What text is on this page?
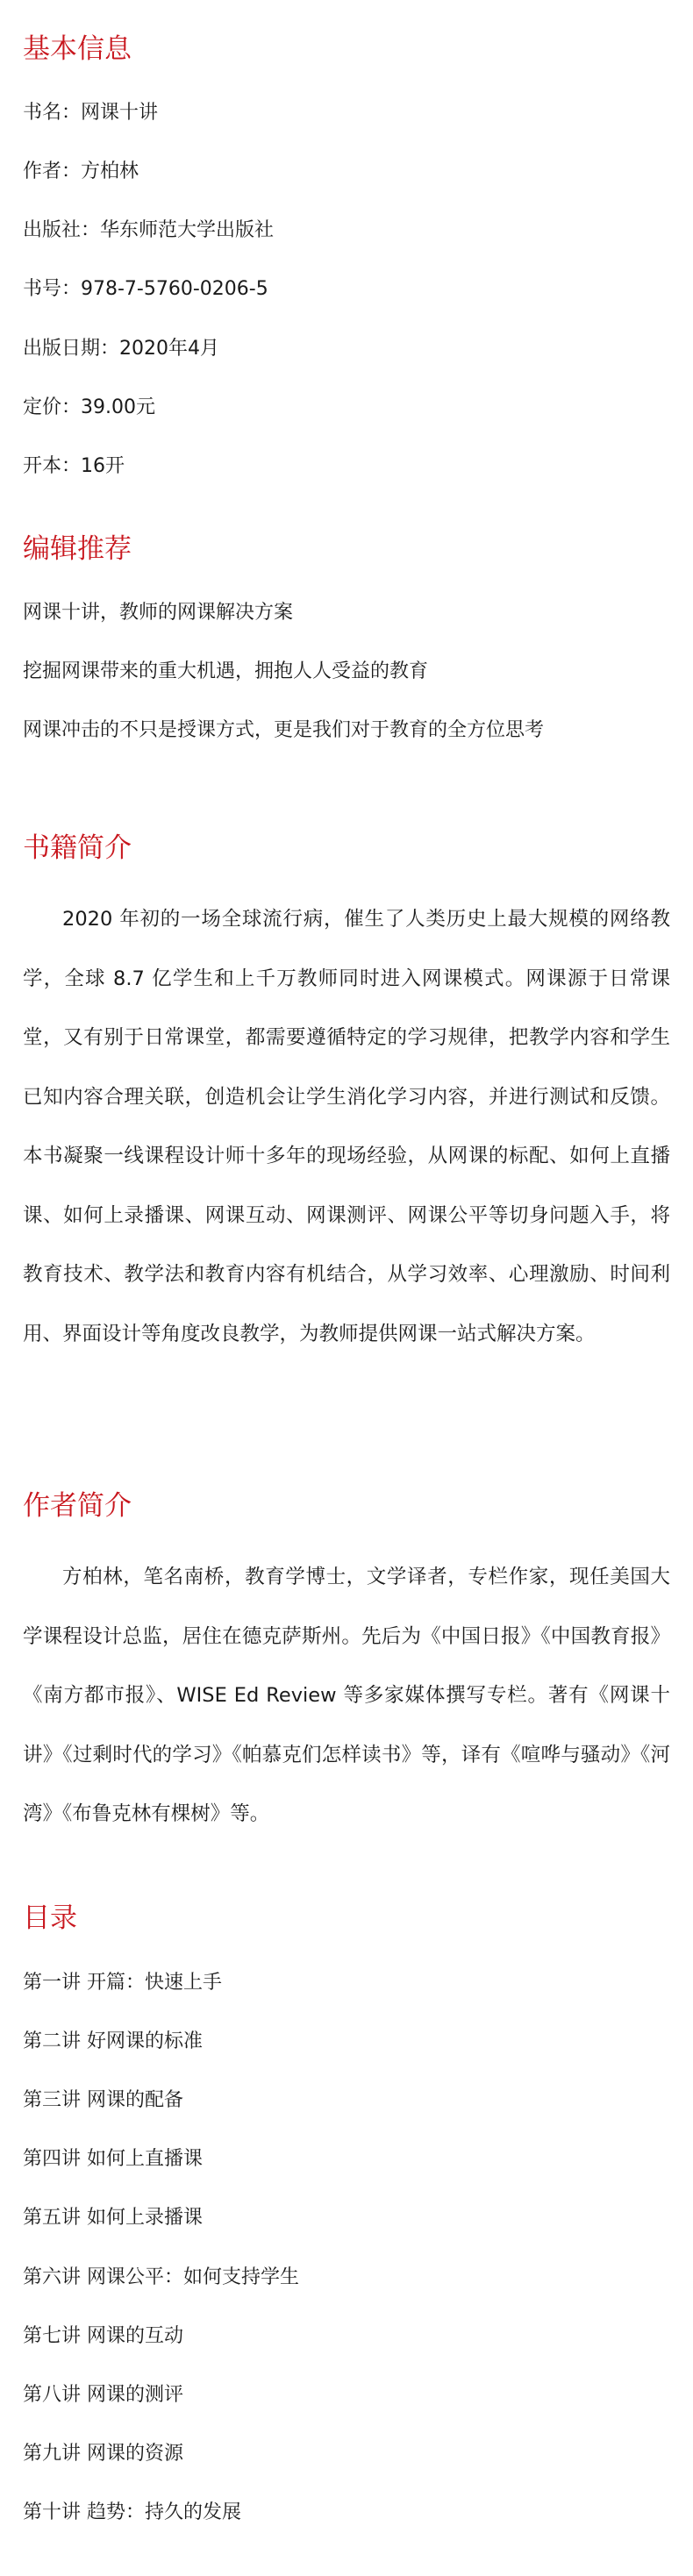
基本信息
书名：网课十讲
作者：方柏林
出版社：华东师范大学出版社
书号：978-7-5760-0206-5
出版日期：2020年4月
定价：39.00元
开本：16开
编辑推荐
网课十讲，教师的网课解决方案
挖掘网课带来的重大机遇，拥抱人人受益的教育
网课冲击的不只是授课方式，更是我们对于教育的全方位思考
书籍简介

2020 年初的一场全球流行病，催生了人类历史上最大规模的网络教学，全球 8.7 亿学生和上千万教师同时进入网课模式。网课源于日常课堂，又有别于日常课堂，都需要遵循特定的学习规律，把教学内容和学生已知内容合理关联，创造机会让学生消化学习内容，并进行测试和反馈。本书凝聚一线课程设计师十多年的现场经验，从网课的标配、如何上直播课、如何上录播课、网课互动、网课测评、网课公平等切身问题入手，将教育技术、教学法和教育内容有机结合，从学习效率、心理激励、时间利用、界面设计等角度改良教学，为教师提供网课一站式解决方案。

作者简介

方柏林，笔名南桥，教育学博士，文学译者，专栏作家，现任美国大学课程设计总监，居住在德克萨斯州。先后为《中国日报》《中国教育报》《南方都市报》、WISE Ed Review 等多家媒体撰写专栏。著有《网课十讲》《过剩时代的学习》《帕慕克们怎样读书》等，译有《喧哗与骚动》《河湾》《布鲁克林有棵树》等。

目录
第一讲 开篇：快速上手
第二讲 好网课的标准
第三讲 网课的配备
第四讲 如何上直播课
第五讲 如何上录播课
第六讲 网课公平：如何支持学生
第七讲 网课的互动
第八讲 网课的测评
第九讲 网课的资源
第十讲 趋势：持久的发展
